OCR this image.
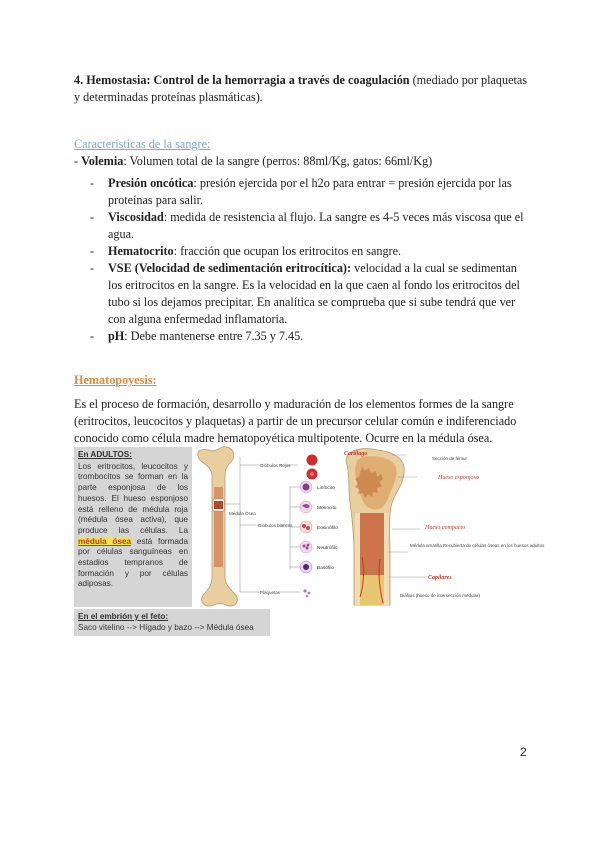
4. Hemostasia: Control de la hemorragia a través de coagulación (mediado por plaquetas y determinadas proteínas plasmáticas).
Características de la sangre:
- Volemia: Volumen total de la sangre (perros: 88ml/Kg, gatos: 66ml/Kg)
- Presión oncótica: presión ejercida por el h2o para entrar = presión ejercida por las proteínas para salir.
- Viscosidad: medida de resistencia al flujo. La sangre es 4-5 veces más viscosa que el agua.
- Hematocrito: fracción que ocupan los eritrocitos en sangre.
- VSE (Velocidad de sedimentación eritrocítica): velocidad a la cual se sedimentan los eritrocitos en la sangre. Es la velocidad en la que caen al fondo los eritrocitos del tubo si los dejamos precipitar. En analítica se comprueba que si sube tendrá que ver con alguna enfermedad inflamatoria.
- pH: Debe mantenerse entre 7.35 y 7.45.
Hematopoyesis:
Es el proceso de formación, desarrollo y maduración de los elementos formes de la sangre (eritrocitos, leucocitos y plaquetas) a partir de un precursor celular común e indiferenciado conocido como célula madre hematopoyética multipotente. Ocurre en la médula ósea.
En ADULTOS:
Los eritrocitos, leucocitos y trombocitos se forman en la parte esponjosa de los huesos. El hueso esponjoso está relleno de médula roja (médula ósea activa), que produce las células. La médula ósea está formada por células sanguíneas en estadios tempranos de formación y por células adiposas.
Glóbulos Rojos
Médula Ósea
Glóbulos blancos
Plaquetas
Linfocito
Monocito
Eosinófilo
Neutrófilo
Basófilo
Cartílago
Sección de fémur
Hueso esponjoso
Hueso compacto
Médula amarilla Recubierta de células óseas en los huesos adultos
Capilares
Diáfisis (hueso de intersección medular)
En el embrión y el feto:
Saco vitelino --> Hígado y bazo --> Médula ósea
2
